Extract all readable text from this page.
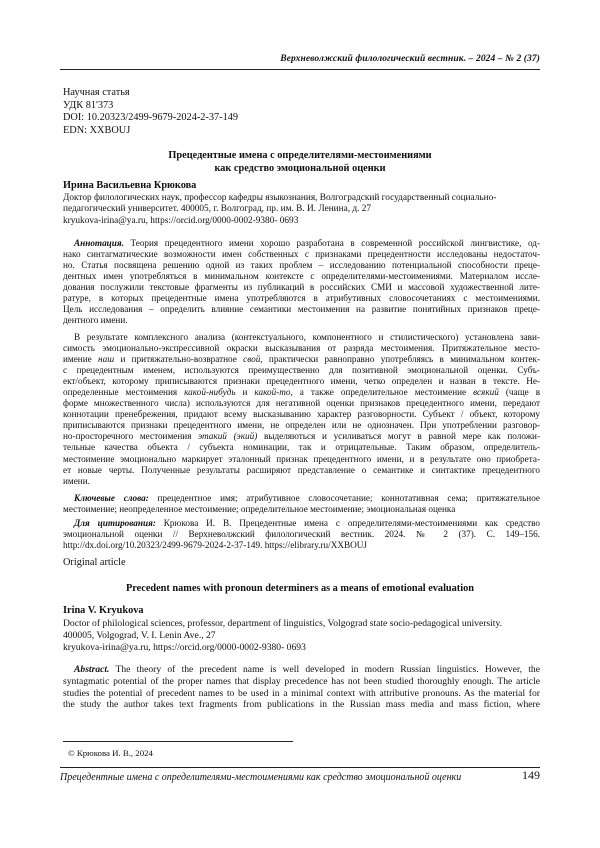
Верхневолжский филологический вестник. – 2024 – № 2 (37)
Научная статья
УДК 81'373
DOI: 10.20323/2499-9679-2024-2-37-149
EDN: XXBOUJ
Прецедентные имена с определителями-местоимениями
как средство эмоциональной оценки
Ирина Васильевна Крюкова
Доктор филологических наук, профессор кафедры языкознания, Волгоградский государственный социально-
педагогический университет. 400005, г. Волгоград, пр. им. В. И. Ленина, д. 27
kryukova-irina@ya.ru, https://orcid.org/0000-0002-9380- 0693
Аннотация. Теория прецедентного имени хорошо разработана в современной российской лингвистике, од-
нако синтагматические возможности имен собственных с признаками прецедентности исследованы недостаточ-
но. Статья посвящена решению одной из таких проблем – исследованию потенциальной способности преце-
дентных имен употребляться в минимальном контексте с определителями-местоимениями. Материалом иссле-
дования послужили текстовые фрагменты из публикаций в российских СМИ и массовой художественной лите-
ратуре, в которых прецедентные имена употребляются в атрибутивных словосочетаниях с местоимениями.
Цель исследования – определить влияние семантики местоимения на развитие понятийных признаков преце-
дентного имени.
В результате комплексного анализа (контекстуального, компонентного и стилистического) установлена зави-
симость эмоционально-экспрессивной окраски высказывания от разряда местоимения. Притяжательное место-
имение наш и притяжательно-возвратное свой, практически равноправно употребляясь в минимальном контек-
с прецедентным именем, используются преимущественно для позитивной эмоциональной оценки. Субъ-
ект/объект, которому приписываются признаки прецедентного имени, четко определен и назван в тексте. Не-
определенные местоимения какой-нибудь и какой-то, а также определительное местоимение всякий (чаще в
форме множественного числа) используются для негативной оценки признаков прецедентного имени, передают
коннотации пренебрежения, придают всему высказыванию характер разговорности. Субъект / объект, которому
приписываются признаки прецедентного имени, не определен или не однозначен. При употреблении разговор-
но-просторечного местоимения этакий (экий) выделяються и усиливаться могут в равной мере как положи-
тельные качества объекта / субъекта номинации, так и отрицательные. Таким образом, определитель-
местоимение эмоционально маркирует эталонный признак прецедентного имени, и в результате оно приобрета-
ет новые черты. Полученные результаты расширяют представление о семантике и синтактике прецедентного
имени.
Ключевые слова: прецедентное имя; атрибутивное словосочетание; коннотативная сема; притяжательное
местоимение; неопределенное местоимение; определительное местоимение; эмоциональная оценка
Для цитирования: Крюкова И. В. Прецедентные имена с определителями-местоимениями как средство
эмоциональной оценки // Верхневолжский филологический вестник. 2024. № 2 (37). С. 149–156.
http://dx.doi.org/10.20323/2499-9679-2024-2-37-149. https://elibrary.ru/XXBOUJ
Original article
Precedent names with pronoun determiners as a means of emotional evaluation
Irina V. Kryukova
Doctor of philological sciences, professor, department of linguistics, Volgograd state socio-pedagogical university.
400005, Volgograd, V. I. Lenin Ave., 27
kryukova-irina@ya.ru, https://orcid.org/0000-0002-9380- 0693
Abstract. The theory of the precedent name is well developed in modern Russian linguistics. However, the
syntagmatic potential of the proper names that display precedence has not been studied thoroughly enough. The article
studies the potential of precedent names to be used in a minimal context with attributive pronouns. As the material for
the study the author takes text fragments from publications in the Russian mass media and mass fiction, where
© Крюкова И. В., 2024
Прецедентные имена с определителями-местоимениями как средство эмоциональной оценки	149
